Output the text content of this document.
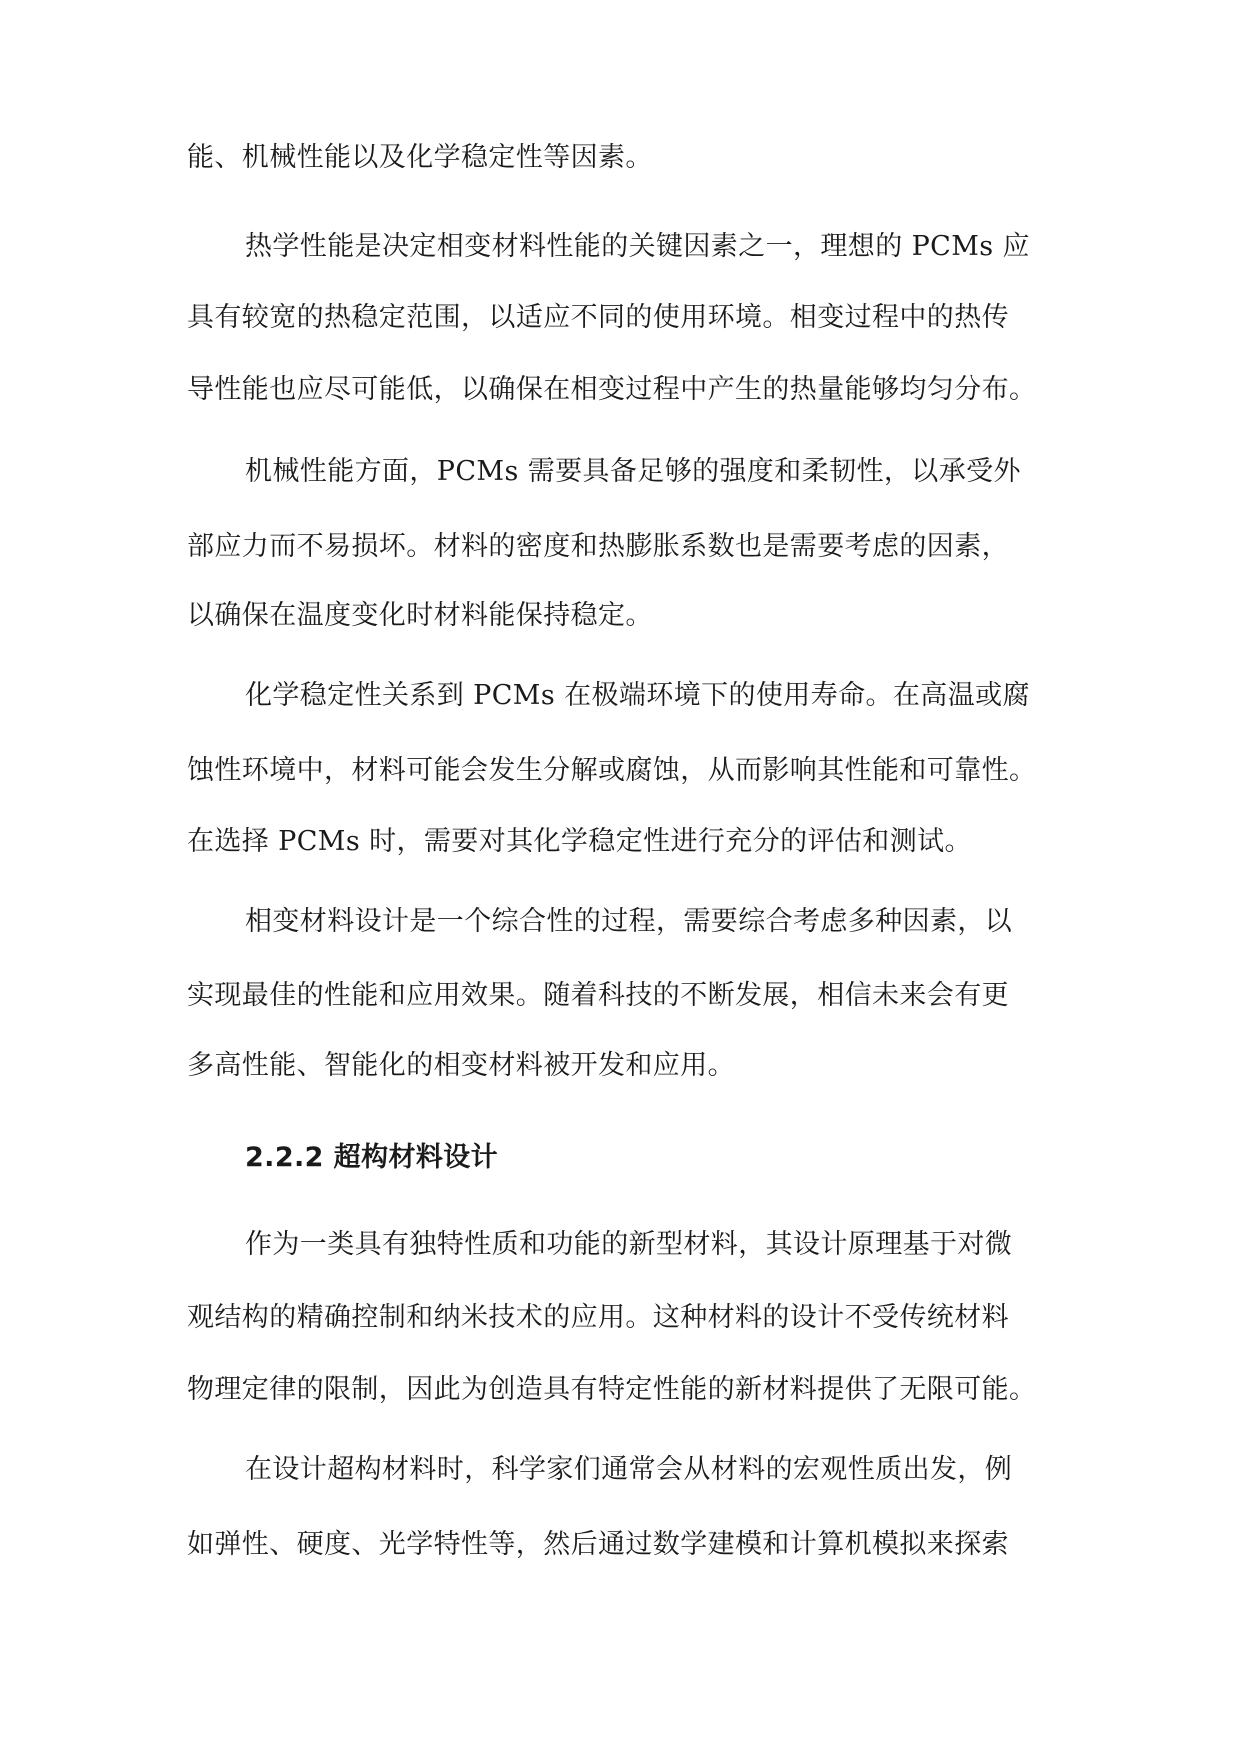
能、机械性能以及化学稳定性等因素。
热学性能是决定相变材料性能的关键因素之一，理想的 PCMs 应
具有较宽的热稳定范围，以适应不同的使用环境。相变过程中的热传
导性能也应尽可能低，以确保在相变过程中产生的热量能够均匀分布。
机械性能方面，PCMs 需要具备足够的强度和柔韧性，以承受外
部应力而不易损坏。材料的密度和热膨胀系数也是需要考虑的因素，
以确保在温度变化时材料能保持稳定。
化学稳定性关系到 PCMs 在极端环境下的使用寿命。在高温或腐
蚀性环境中，材料可能会发生分解或腐蚀，从而影响其性能和可靠性。
在选择 PCMs 时，需要对其化学稳定性进行充分的评估和测试。
相变材料设计是一个综合性的过程，需要综合考虑多种因素，以
实现最佳的性能和应用效果。随着科技的不断发展，相信未来会有更
多高性能、智能化的相变材料被开发和应用。
2.2.2 超构材料设计
作为一类具有独特性质和功能的新型材料，其设计原理基于对微
观结构的精确控制和纳米技术的应用。这种材料的设计不受传统材料
物理定律的限制，因此为创造具有特定性能的新材料提供了无限可能。
在设计超构材料时，科学家们通常会从材料的宏观性质出发，例
如弹性、硬度、光学特性等，然后通过数学建模和计算机模拟来探索
